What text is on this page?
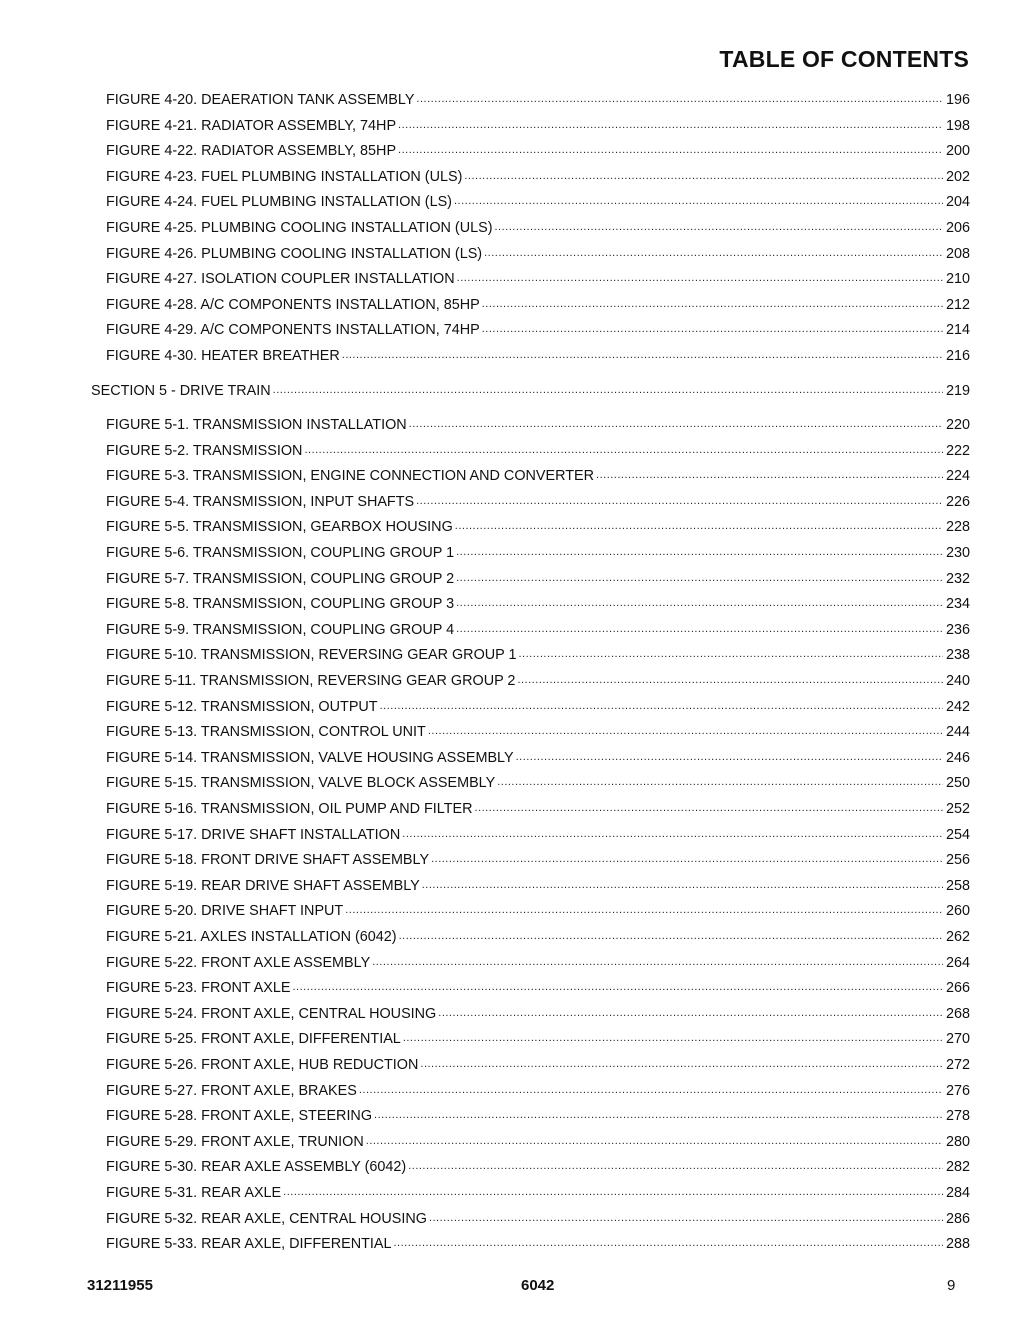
TABLE OF CONTENTS
FIGURE 4-20. DEAERATION TANK ASSEMBLY .....	196
FIGURE 4-21. RADIATOR ASSEMBLY, 74HP .....	198
FIGURE 4-22. RADIATOR ASSEMBLY, 85HP .....	200
FIGURE 4-23. FUEL PLUMBING INSTALLATION (ULS) .....	202
FIGURE 4-24. FUEL PLUMBING INSTALLATION (LS) .....	204
FIGURE 4-25. PLUMBING COOLING INSTALLATION (ULS) .....	206
FIGURE 4-26. PLUMBING COOLING INSTALLATION (LS) .....	208
FIGURE 4-27. ISOLATION COUPLER INSTALLATION .....	210
FIGURE 4-28. A/C COMPONENTS INSTALLATION, 85HP .....	212
FIGURE 4-29. A/C COMPONENTS INSTALLATION, 74HP .....	214
FIGURE 4-30. HEATER BREATHER .....	216
SECTION 5 - DRIVE TRAIN .....	219
FIGURE 5-1. TRANSMISSION INSTALLATION .....	220
FIGURE 5-2. TRANSMISSION .....	222
FIGURE 5-3. TRANSMISSION, ENGINE CONNECTION AND CONVERTER .....	224
FIGURE 5-4. TRANSMISSION, INPUT SHAFTS .....	226
FIGURE 5-5. TRANSMISSION, GEARBOX HOUSING .....	228
FIGURE 5-6. TRANSMISSION, COUPLING GROUP 1 .....	230
FIGURE 5-7. TRANSMISSION, COUPLING GROUP 2 .....	232
FIGURE 5-8. TRANSMISSION, COUPLING GROUP 3 .....	234
FIGURE 5-9. TRANSMISSION, COUPLING GROUP 4 .....	236
FIGURE 5-10. TRANSMISSION, REVERSING GEAR GROUP 1 .....	238
FIGURE 5-11. TRANSMISSION, REVERSING GEAR GROUP 2 .....	240
FIGURE 5-12. TRANSMISSION, OUTPUT .....	242
FIGURE 5-13. TRANSMISSION, CONTROL UNIT .....	244
FIGURE 5-14. TRANSMISSION, VALVE HOUSING ASSEMBLY .....	246
FIGURE 5-15. TRANSMISSION, VALVE BLOCK ASSEMBLY .....	250
FIGURE 5-16. TRANSMISSION, OIL PUMP AND FILTER .....	252
FIGURE 5-17. DRIVE SHAFT INSTALLATION .....	254
FIGURE 5-18. FRONT DRIVE SHAFT ASSEMBLY .....	256
FIGURE 5-19. REAR DRIVE SHAFT ASSEMBLY .....	258
FIGURE 5-20. DRIVE SHAFT INPUT .....	260
FIGURE 5-21. AXLES INSTALLATION (6042) .....	262
FIGURE 5-22. FRONT AXLE ASSEMBLY .....	264
FIGURE 5-23. FRONT AXLE .....	266
FIGURE 5-24. FRONT AXLE, CENTRAL HOUSING .....	268
FIGURE 5-25. FRONT AXLE, DIFFERENTIAL .....	270
FIGURE 5-26. FRONT AXLE, HUB REDUCTION .....	272
FIGURE 5-27. FRONT AXLE, BRAKES .....	276
FIGURE 5-28. FRONT AXLE, STEERING .....	278
FIGURE 5-29. FRONT AXLE, TRUNION .....	280
FIGURE 5-30. REAR AXLE ASSEMBLY (6042) .....	282
FIGURE 5-31. REAR AXLE .....	284
FIGURE 5-32. REAR AXLE, CENTRAL HOUSING .....	286
FIGURE 5-33. REAR AXLE, DIFFERENTIAL .....	288
31211955	6042	9
